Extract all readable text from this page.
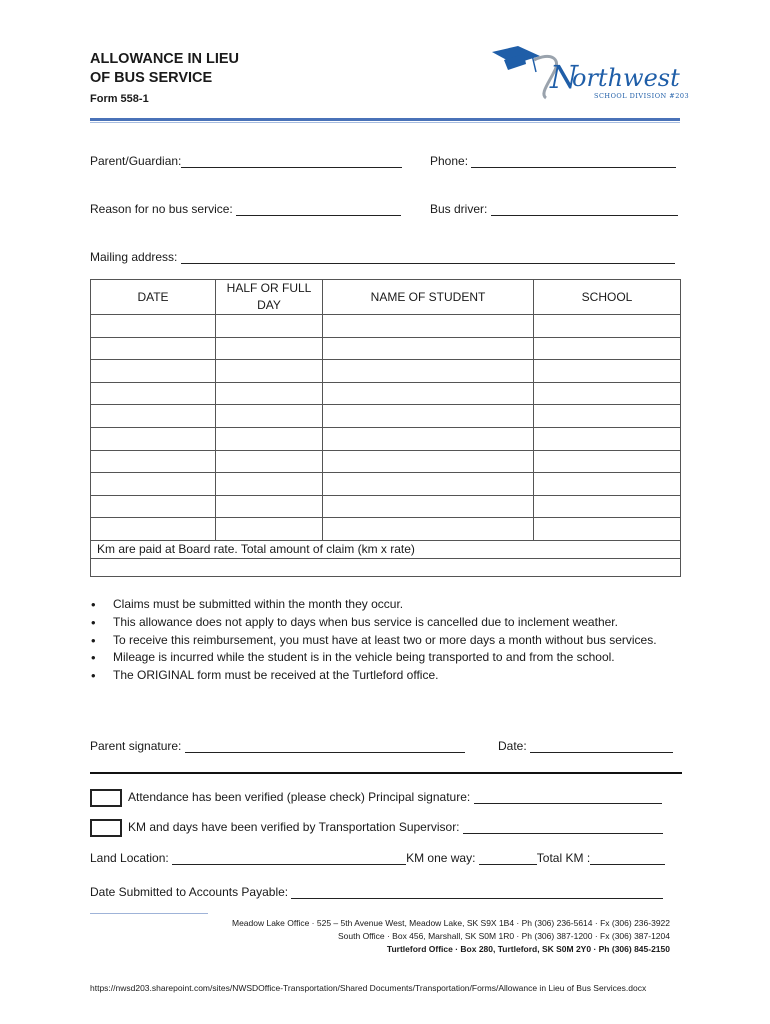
ALLOWANCE IN LIEU
OF BUS SERVICE
Form 558-1
N
orthwest
SCHOOL DIVISION #203
Parent/Guardian:	Phone:
Reason for no bus service:	Bus driver:
Mailing address:
DATE	HALF OR FULL DAY	NAME OF STUDENT	SCHOOL

Km are paid at Board rate. Total amount of claim (km x rate)			

• Claims must be submitted within the month they occur.
• This allowance does not apply to days when bus service is cancelled due to inclement weather.
• To receive this reimbursement, you must have at least two or more days a month without bus services.
• Mileage is incurred while the student is in the vehicle being transported to and from the school.
• The ORIGINAL form must be received at the Turtleford office.
Parent signature:	Date:
Attendance has been verified (please check) Principal signature:
KM and days have been verified by Transportation Supervisor:
Land Location:	KM one way:	Total KM :
Date Submitted to Accounts Payable:
Meadow Lake Office · 525 – 5th Avenue West, Meadow Lake, SK S9X 1B4 · Ph (306) 236-5614 · Fx (306) 236-3922
South Office · Box 456, Marshall, SK S0M 1R0 · Ph (306) 387-1200 · Fx (306) 387-1204
Turtleford Office · Box 280, Turtleford, SK S0M 2Y0 · Ph (306) 845-2150
https://nwsd203.sharepoint.com/sites/NWSDOffice-Transportation/Shared Documents/Transportation/Forms/Allowance in Lieu of Bus Services.docx
